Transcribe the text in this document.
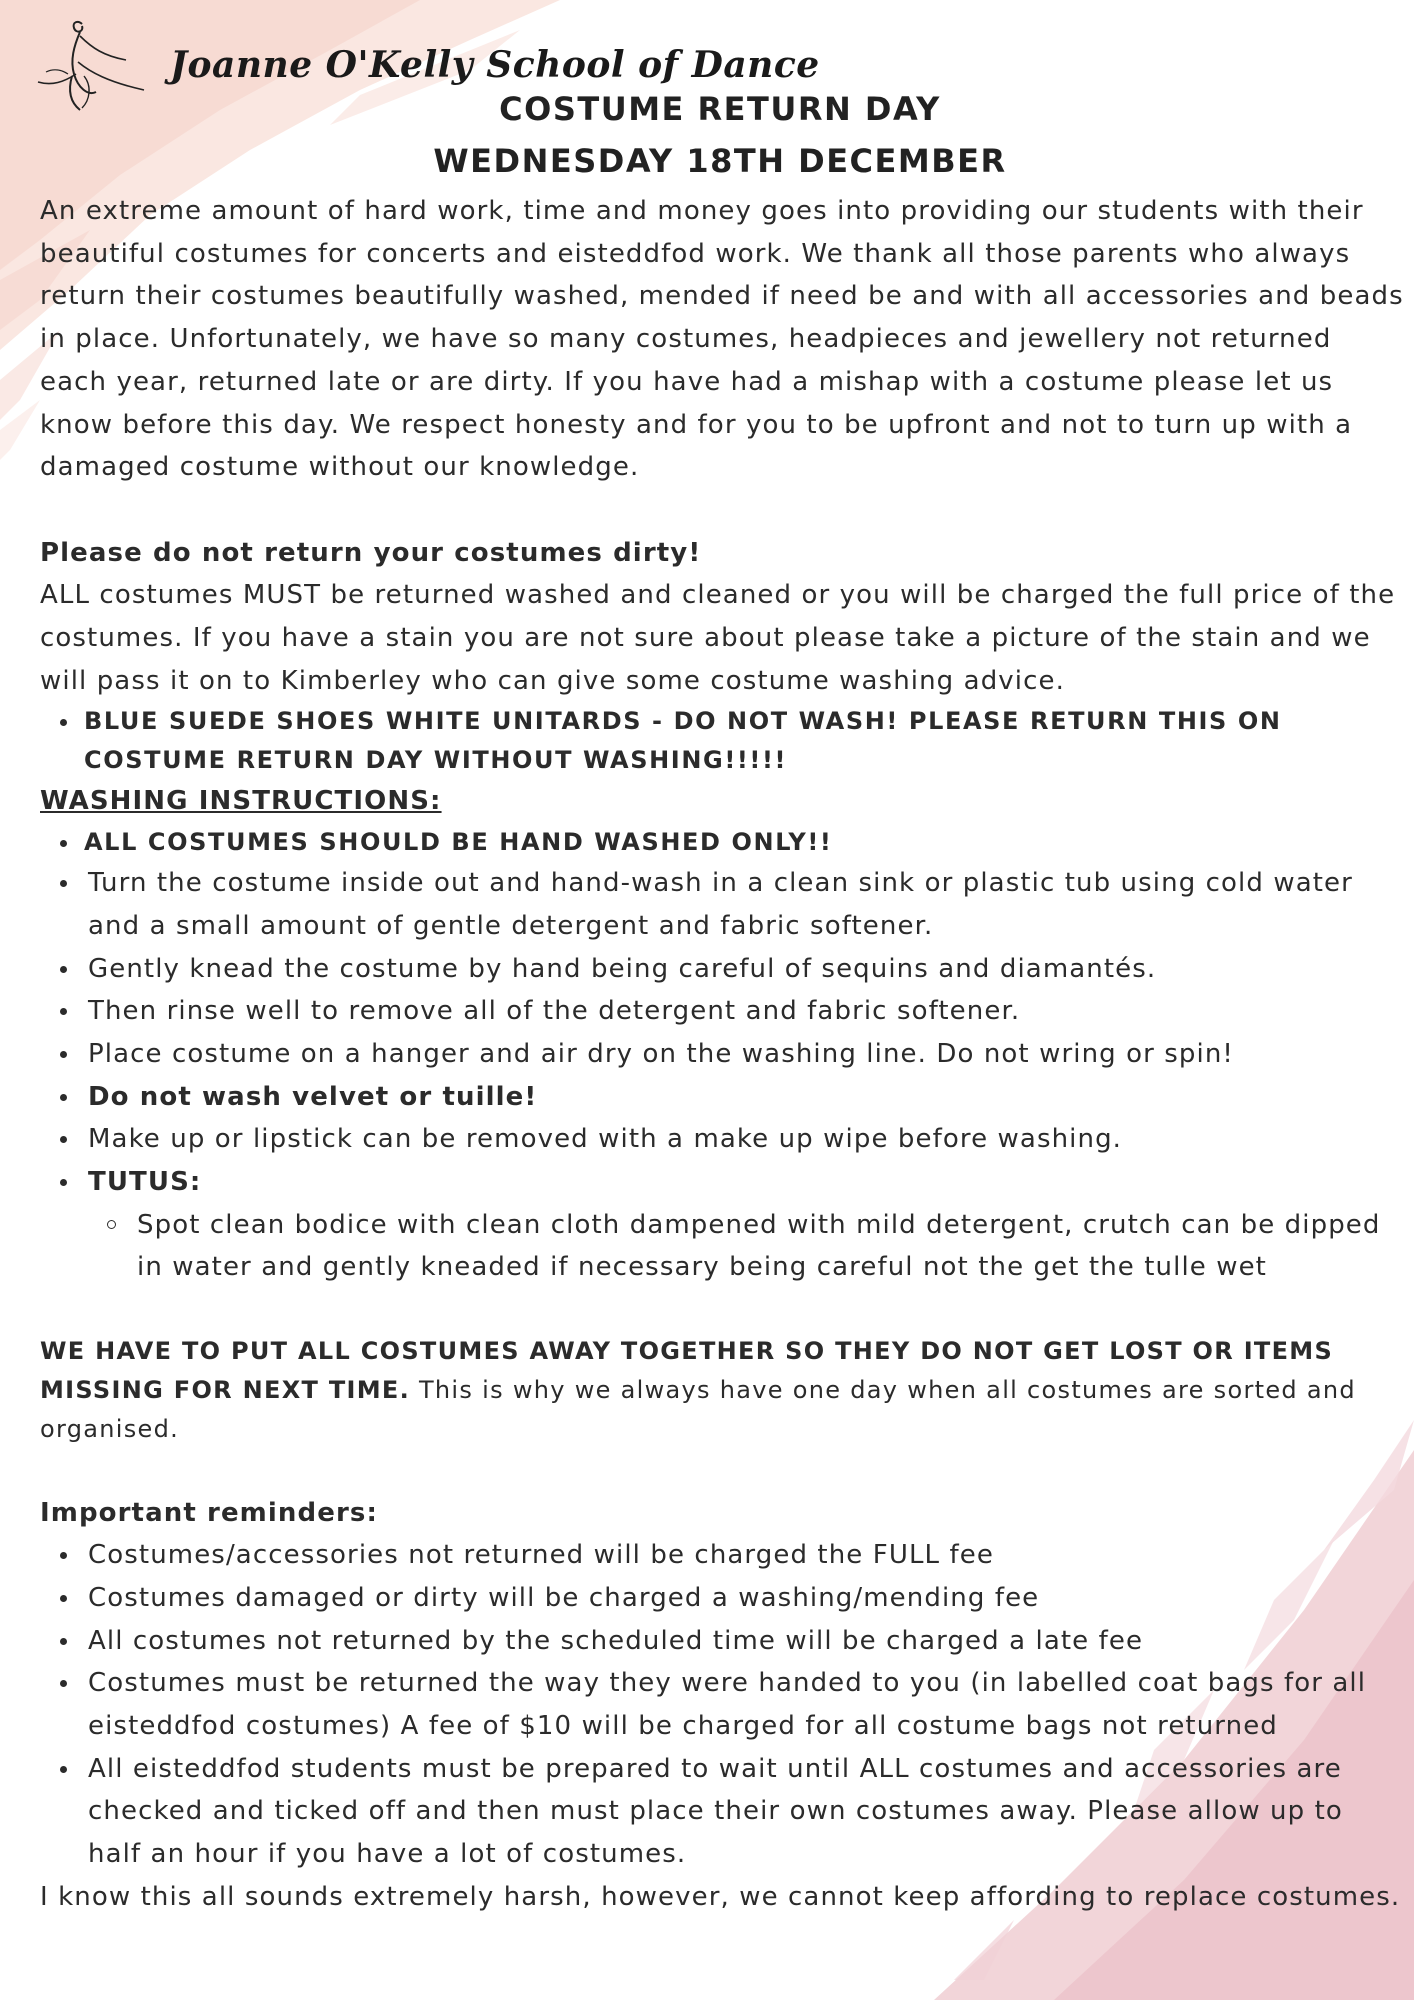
Joanne O'Kelly School of Dance
COSTUME RETURN DAY
WEDNESDAY 18TH DECEMBER

An extreme amount of hard work, time and money goes into providing our students with their beautiful costumes for concerts and eisteddfod work. We thank all those parents who always return their costumes beautifully washed, mended if need be and with all accessories and beads in place. Unfortunately, we have so many costumes, headpieces and jewellery not returned each year, returned late or are dirty. If you have had a mishap with a costume please let us know before this day. We respect honesty and for you to be upfront and not to turn up with a damaged costume without our knowledge.

Please do not return your costumes dirty!

ALL costumes MUST be returned washed and cleaned or you will be charged the full price of the costumes. If you have a stain you are not sure about please take a picture of the stain and we will pass it on to Kimberley who can give some costume washing advice.

BLUE SUEDE SHOES WHITE UNITARDS - DO NOT WASH! PLEASE RETURN THIS ON COSTUME RETURN DAY WITHOUT WASHING!!!!!

WASHING INSTRUCTIONS:

ALL COSTUMES SHOULD BE HAND WASHED ONLY!!
Turn the costume inside out and hand-wash in a clean sink or plastic tub using cold water and a small amount of gentle detergent and fabric softener.
Gently knead the costume by hand being careful of sequins and diamantés.
Then rinse well to remove all of the detergent and fabric softener.
Place costume on a hanger and air dry on the washing line. Do not wring or spin!
Do not wash velvet or tuille!
Make up or lipstick can be removed with a make up wipe before washing.
TUTUS:
Spot clean bodice with clean cloth dampened with mild detergent, crutch can be dipped in water and gently kneaded if necessary being careful not the get the tulle wet

WE HAVE TO PUT ALL COSTUMES AWAY TOGETHER SO THEY DO NOT GET LOST OR ITEMS MISSING FOR NEXT TIME. This is why we always have one day when all costumes are sorted and organised.

Important reminders:

Costumes/accessories not returned will be charged the FULL fee
Costumes damaged or dirty will be charged a washing/mending fee
All costumes not returned by the scheduled time will be charged a late fee
Costumes must be returned the way they were handed to you (in labelled coat bags for all eisteddfod costumes) A fee of $10 will be charged for all costume bags not returned
All eisteddfod students must be prepared to wait until ALL costumes and accessories are checked and ticked off and then must place their own costumes away. Please allow up to half an hour if you have a lot of costumes.

I know this all sounds extremely harsh, however, we cannot keep affording to replace costumes.
